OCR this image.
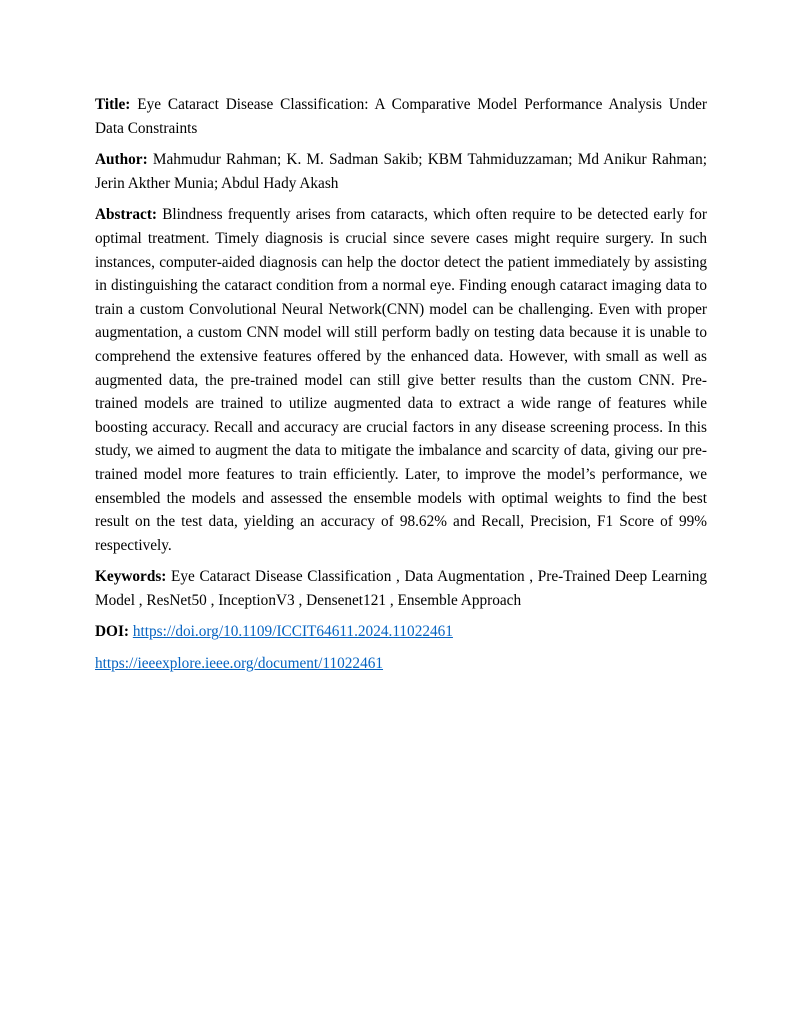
Title: Eye Cataract Disease Classification: A Comparative Model Performance Analysis Under Data Constraints

Author: Mahmudur Rahman; K. M. Sadman Sakib; KBM Tahmiduzzaman; Md Anikur Rahman; Jerin Akther Munia; Abdul Hady Akash

Abstract: Blindness frequently arises from cataracts, which often require to be detected early for optimal treatment. Timely diagnosis is crucial since severe cases might require surgery. In such instances, computer-aided diagnosis can help the doctor detect the patient immediately by assisting in distinguishing the cataract condition from a normal eye. Finding enough cataract imaging data to train a custom Convolutional Neural Network(CNN) model can be challenging. Even with proper augmentation, a custom CNN model will still perform badly on testing data because it is unable to comprehend the extensive features offered by the enhanced data. However, with small as well as augmented data, the pre-trained model can still give better results than the custom CNN. Pre-trained models are trained to utilize augmented data to extract a wide range of features while boosting accuracy. Recall and accuracy are crucial factors in any disease screening process. In this study, we aimed to augment the data to mitigate the imbalance and scarcity of data, giving our pre-trained model more features to train efficiently. Later, to improve the model’s performance, we ensembled the models and assessed the ensemble models with optimal weights to find the best result on the test data, yielding an accuracy of 98.62% and Recall, Precision, F1 Score of 99% respectively.

Keywords: Eye Cataract Disease Classification , Data Augmentation , Pre-Trained Deep Learning Model , ResNet50 , InceptionV3 , Densenet121 , Ensemble Approach

DOI: https://doi.org/10.1109/ICCIT64611.2024.11022461

https://ieeexplore.ieee.org/document/11022461
